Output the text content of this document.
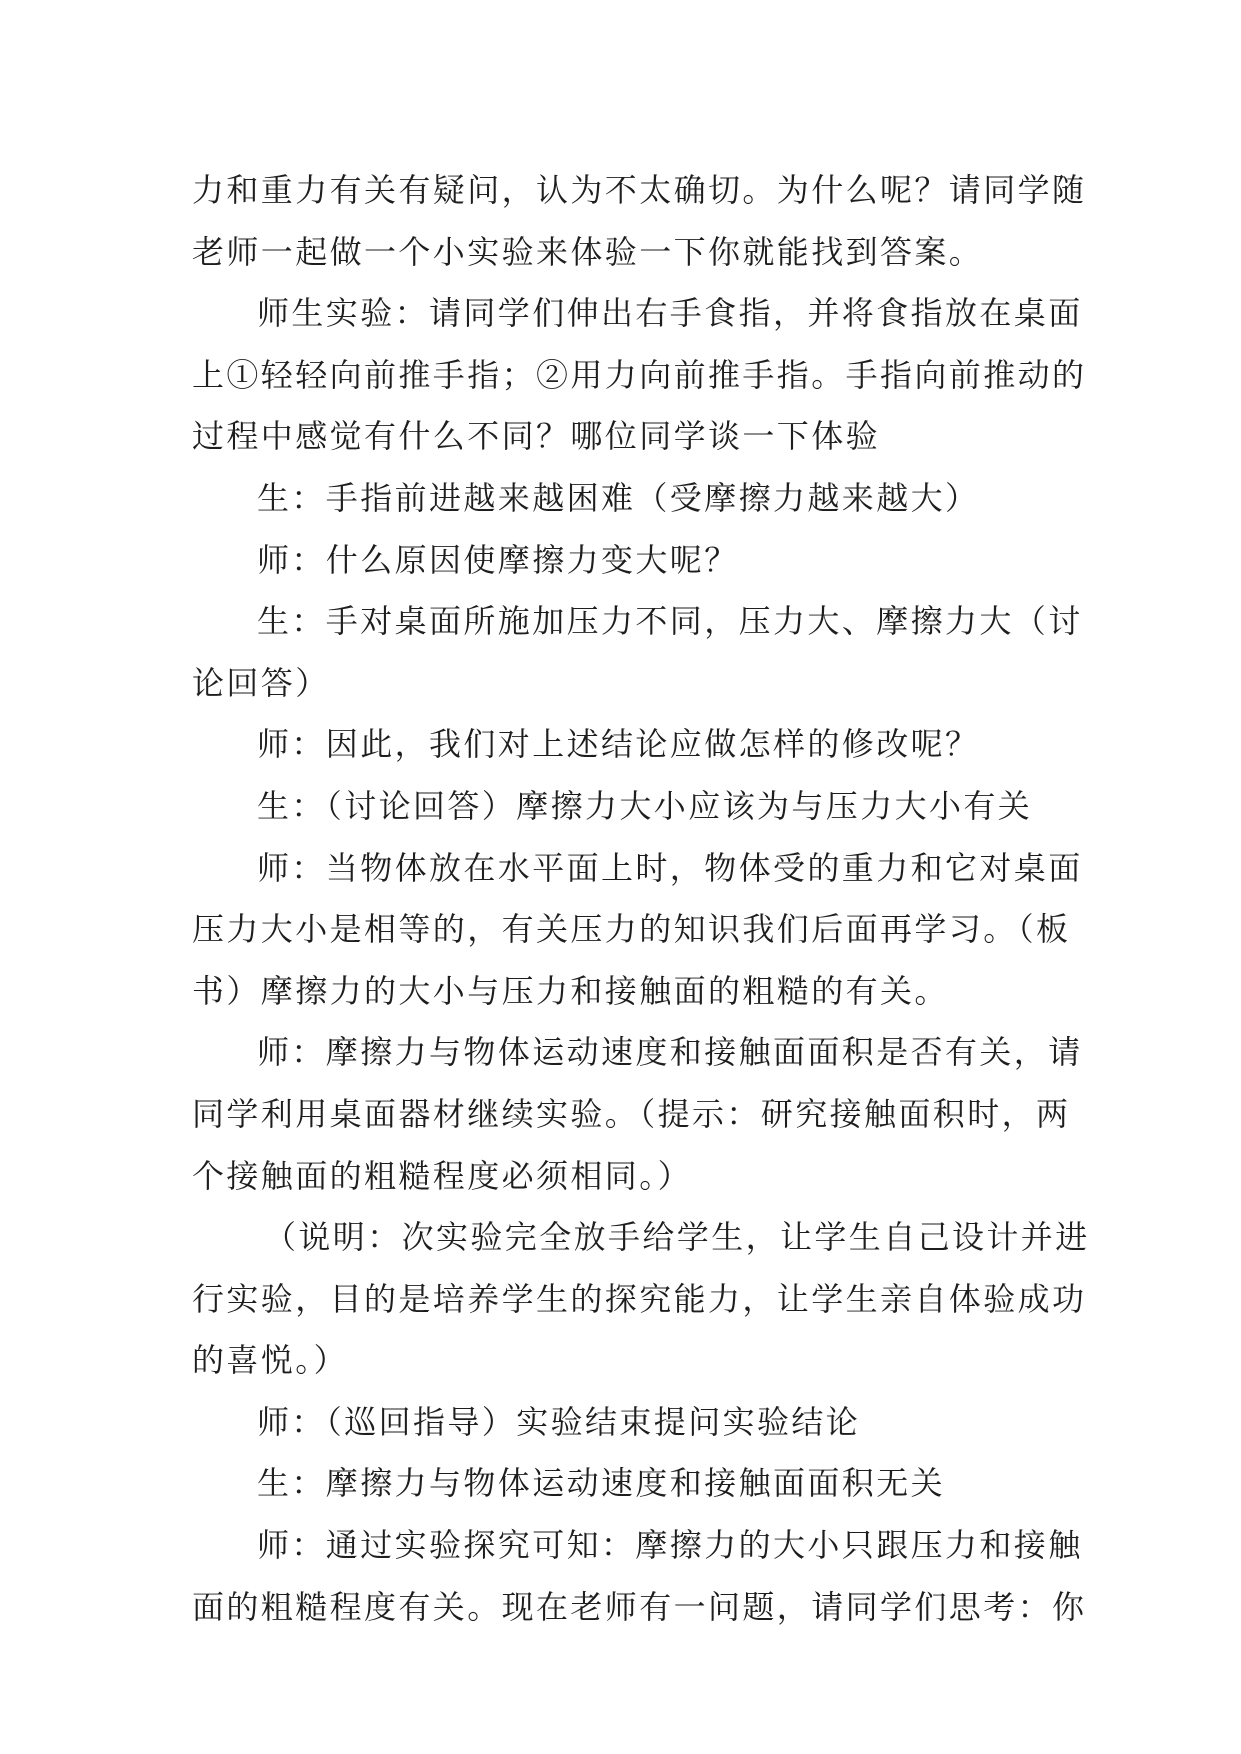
力和重力有关有疑问，认为不太确切。为什么呢？请同学随
老师一起做一个小实验来体验一下你就能找到答案。
师生实验：请同学们伸出右手食指，并将食指放在桌面
上①轻轻向前推手指；②用力向前推手指。手指向前推动的
过程中感觉有什么不同？哪位同学谈一下体验
生：手指前进越来越困难（受摩擦力越来越大）
师：什么原因使摩擦力变大呢？
生：手对桌面所施加压力不同，压力大、摩擦力大（讨
论回答）
师：因此，我们对上述结论应做怎样的修改呢？
生：（讨论回答）摩擦力大小应该为与压力大小有关
师：当物体放在水平面上时，物体受的重力和它对桌面
压力大小是相等的，有关压力的知识我们后面再学习。（板
书）摩擦力的大小与压力和接触面的粗糙的有关。
师：摩擦力与物体运动速度和接触面面积是否有关，请
同学利用桌面器材继续实验。（提示：研究接触面积时，两
个接触面的粗糙程度必须相同。）
（说明：次实验完全放手给学生，让学生自己设计并进
行实验，目的是培养学生的探究能力，让学生亲自体验成功
的喜悦。）
师：（巡回指导）实验结束提问实验结论
生：摩擦力与物体运动速度和接触面面积无关
师：通过实验探究可知：摩擦力的大小只跟压力和接触
面的粗糙程度有关。现在老师有一问题，请同学们思考：你
